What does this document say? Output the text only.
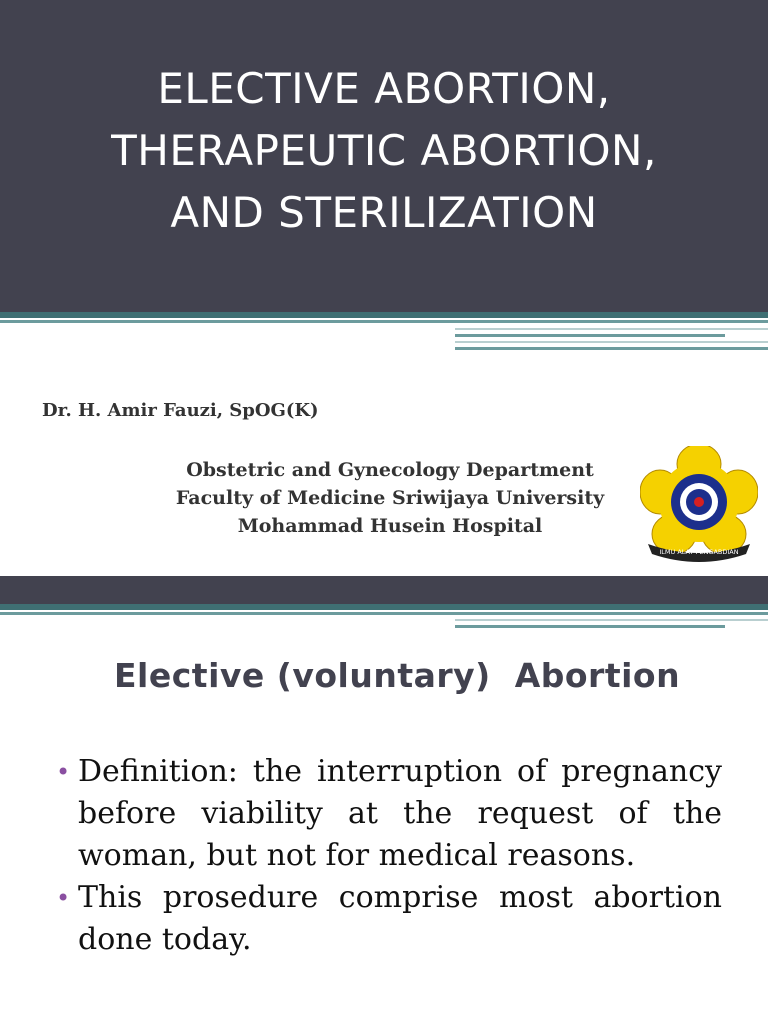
ELECTIVE ABORTION,
THERAPEUTIC ABORTION,
AND STERILIZATION
Dr. H. Amir Fauzi, SpOG(K)
Obstetric and Gynecology Department
Faculty of Medicine Sriwijaya University
Mohammad Husein Hospital
ILMU ALAT PENGABDIAN
Elective (voluntary)  Abortion
• Definition: the interruption of pregnancy before viability at the request of the woman, but not for medical reasons.
• This prosedure comprise most abortion done today.
